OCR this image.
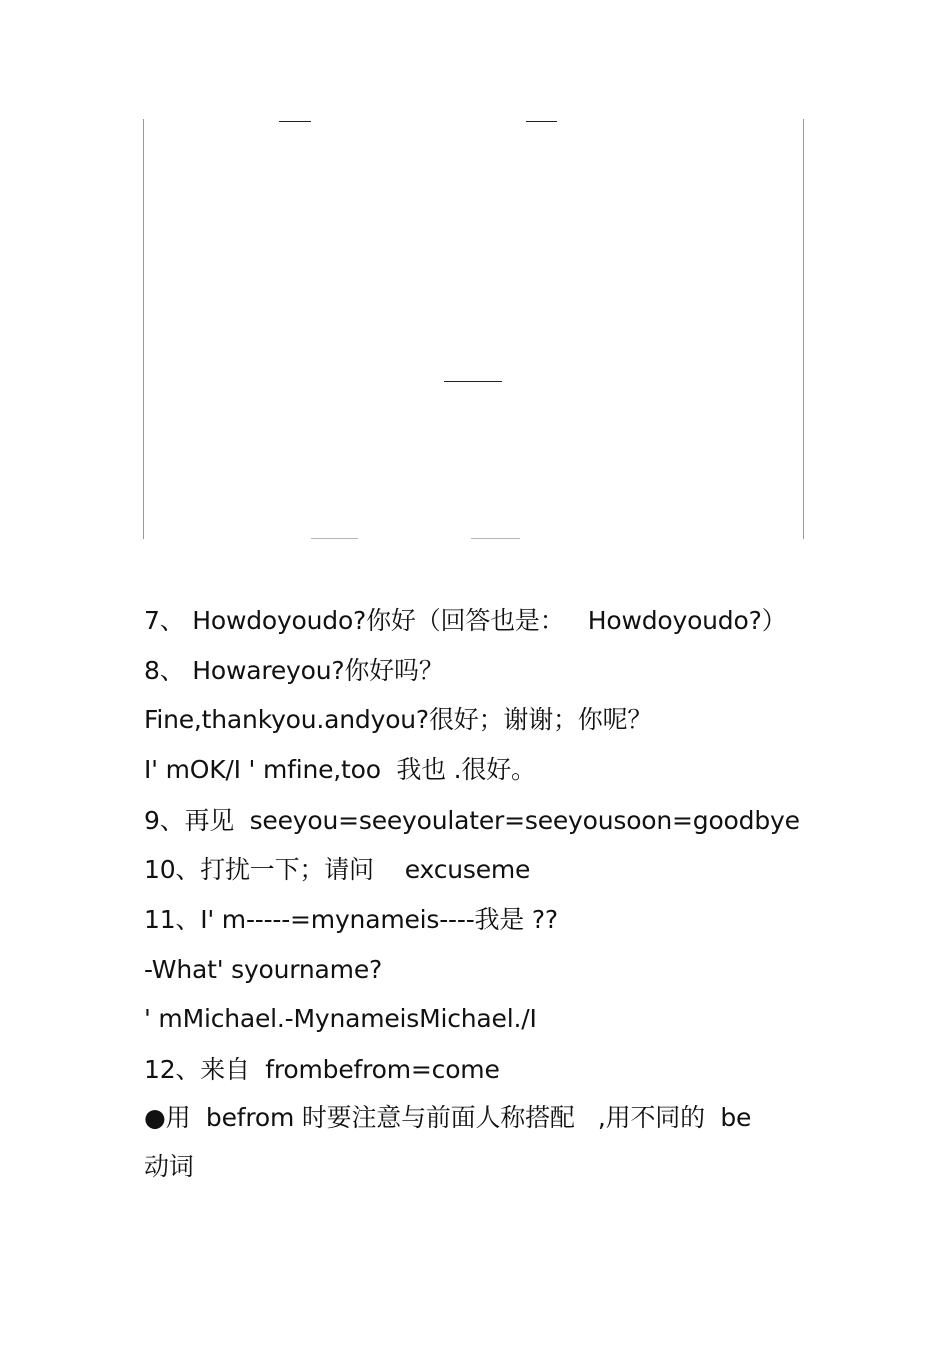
7、 Howdoyoudo?你好（回答也是：   Howdoyoudo?）
8、 Howareyou?你好吗？
Fine,thankyou.andyou?很好；谢谢；你呢？
I' mOK/I ' mfine,too  我也 .很好。
9、再见  seeyou=seeyoulater=seeyousoon=goodbye
10、打扰一下；请问    excuseme
11、I' m-----=mynameis----我是 ??
-What' syourname?
' mMichael.-MynameisMichael./I
12、来自  frombefrom=come
●用  befrom 时要注意与前面人称搭配   ,用不同的  be
动词
